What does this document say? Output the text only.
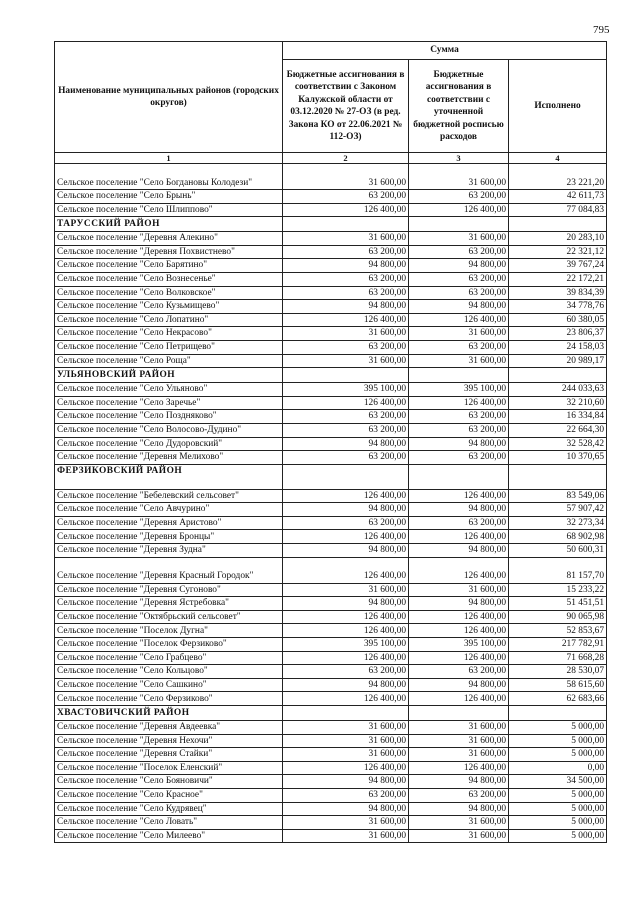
795
Наименование муниципальных районов (городских округов)	Сумма		
	Бюджетные ассигнования в соответствии с Законом Калужской области от 03.12.2020 № 27-ОЗ (в ред. Закона КО от 22.06.2021 № 112-ОЗ)	Бюджетные ассигнования в соответствии с уточненной бюджетной росписью расходов	Исполнено
1	2	3	4
Сельское поселение "Село Богдановы Колодези"	31 600,00	31 600,00	23 221,20
Сельское поселение "Село Брынь"	63 200,00	63 200,00	42 611,73
Сельское поселение "Село Шлиппово"	126 400,00	126 400,00	77 084,83
ТАРУССКИЙ РАЙОН			
Сельское поселение "Деревня Алекино"	31 600,00	31 600,00	20 283,10
Сельское поселение "Деревня Похвистнево"	63 200,00	63 200,00	22 321,12
Сельское поселение "Село Барятино"	94 800,00	94 800,00	39 767,24
Сельское поселение "Село Вознесенье"	63 200,00	63 200,00	22 172,21
Сельское поселение "Село Волковское"	63 200,00	63 200,00	39 834,39
Сельское поселение "Село Кузьмищево"	94 800,00	94 800,00	34 778,76
Сельское поселение "Село Лопатино"	126 400,00	126 400,00	60 380,05
Сельское поселение "Село Некрасово"	31 600,00	31 600,00	23 806,37
Сельское поселение "Село Петрищево"	63 200,00	63 200,00	24 158,03
Сельское поселение "Село Роща"	31 600,00	31 600,00	20 989,17
УЛЬЯНОВСКИЙ РАЙОН			
Сельское поселение "Село Ульяново"	395 100,00	395 100,00	244 033,63
Сельское поселение "Село Заречье"	126 400,00	126 400,00	32 210,60
Сельское поселение "Село Поздняково"	63 200,00	63 200,00	16 334,84
Сельское поселение "Село Волосово-Дудино"	63 200,00	63 200,00	22 664,30
Сельское поселение "Село Дудоровский"	94 800,00	94 800,00	32 528,42
Сельское поселение "Деревня Мелихово"	63 200,00	63 200,00	10 370,65
ФЕРЗИКОВСКИЙ РАЙОН			
Сельское поселение "Бебелевский сельсовет"	126 400,00	126 400,00	83 549,06
Сельское поселение "Село Авчурино"	94 800,00	94 800,00	57 907,42
Сельское поселение "Деревня Аристово"	63 200,00	63 200,00	32 273,34
Сельское поселение "Деревня Бронцы"	126 400,00	126 400,00	68 902,98
Сельское поселение "Деревня Зудна"	94 800,00	94 800,00	50 600,31
Сельское поселение "Деревня Красный Городок"	126 400,00	126 400,00	81 157,70
Сельское поселение "Деревня Сугоново"	31 600,00	31 600,00	15 233,22
Сельское поселение "Деревня Ястребовка"	94 800,00	94 800,00	51 451,51
Сельское поселение "Октябрьский сельсовет"	126 400,00	126 400,00	90 065,98
Сельское поселение "Поселок Дугна"	126 400,00	126 400,00	52 853,67
Сельское поселение "Поселок Ферзиково"	395 100,00	395 100,00	217 782,91
Сельское поселение "Село Грабцево"	126 400,00	126 400,00	71 668,28
Сельское поселение "Село Кольцово"	63 200,00	63 200,00	28 530,07
Сельское поселение "Село Сашкино"	94 800,00	94 800,00	58 615,60
Сельское поселение "Село Ферзиково"	126 400,00	126 400,00	62 683,66
ХВАСТОВИЧСКИЙ РАЙОН			
Сельское поселение "Деревня Авдеевка"	31 600,00	31 600,00	5 000,00
Сельское поселение "Деревня Нехочи"	31 600,00	31 600,00	5 000,00
Сельское поселение "Деревня Стайки"	31 600,00	31 600,00	5 000,00
Сельское поселение "Поселок Еленский"	126 400,00	126 400,00	0,00
Сельское поселение "Село Бояновичи"	94 800,00	94 800,00	34 500,00
Сельское поселение "Село Красное"	63 200,00	63 200,00	5 000,00
Сельское поселение "Село Кудрявец"	94 800,00	94 800,00	5 000,00
Сельское поселение "Село Ловать"	31 600,00	31 600,00	5 000,00
Сельское поселение "Село Милеево"	31 600,00	31 600,00	5 000,00
